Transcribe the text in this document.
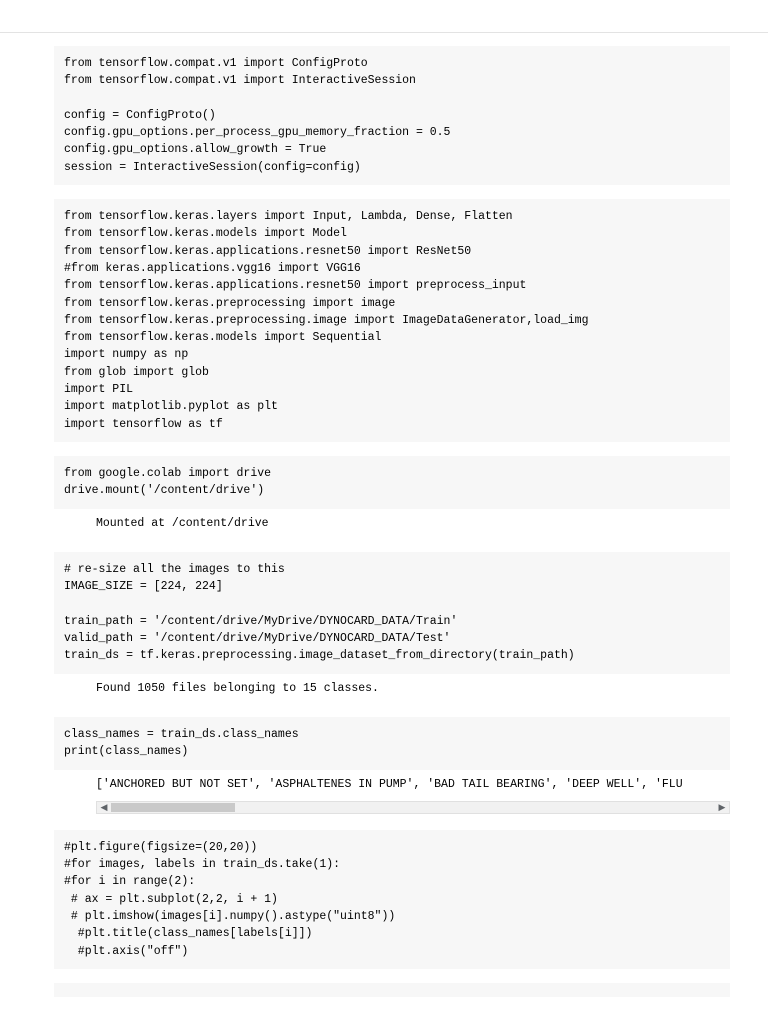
from tensorflow.compat.v1 import ConfigProto
from tensorflow.compat.v1 import InteractiveSession
config = ConfigProto()
config.gpu_options.per_process_gpu_memory_fraction = 0.5
config.gpu_options.allow_growth = True
session = InteractiveSession(config=config)
from tensorflow.keras.layers import Input, Lambda, Dense, Flatten
from tensorflow.keras.models import Model
from tensorflow.keras.applications.resnet50 import ResNet50
#from keras.applications.vgg16 import VGG16
from tensorflow.keras.applications.resnet50 import preprocess_input
from tensorflow.keras.preprocessing import image
from tensorflow.keras.preprocessing.image import ImageDataGenerator,load_img
from tensorflow.keras.models import Sequential
import numpy as np
from glob import glob
import PIL
import matplotlib.pyplot as plt
import tensorflow as tf
from google.colab import drive
drive.mount('/content/drive')
Mounted at /content/drive
# re-size all the images to this
IMAGE_SIZE = [224, 224]
train_path = '/content/drive/MyDrive/DYNOCARD_DATA/Train'
valid_path = '/content/drive/MyDrive/DYNOCARD_DATA/Test'
train_ds = tf.keras.preprocessing.image_dataset_from_directory(train_path)
Found 1050 files belonging to 15 classes.
class_names = train_ds.class_names
print(class_names)
['ANCHORED BUT NOT SET', 'ASPHALTENES IN PUMP', 'BAD TAIL BEARING', 'DEEP WELL', 'FLU
◀	▶
#plt.figure(figsize=(20,20))
#for images, labels in train_ds.take(1):
#for i in range(2):
# ax = plt.subplot(2,2, i + 1)
# plt.imshow(images[i].numpy().astype("uint8"))
#plt.title(class_names[labels[i]])
#plt.axis("off")
